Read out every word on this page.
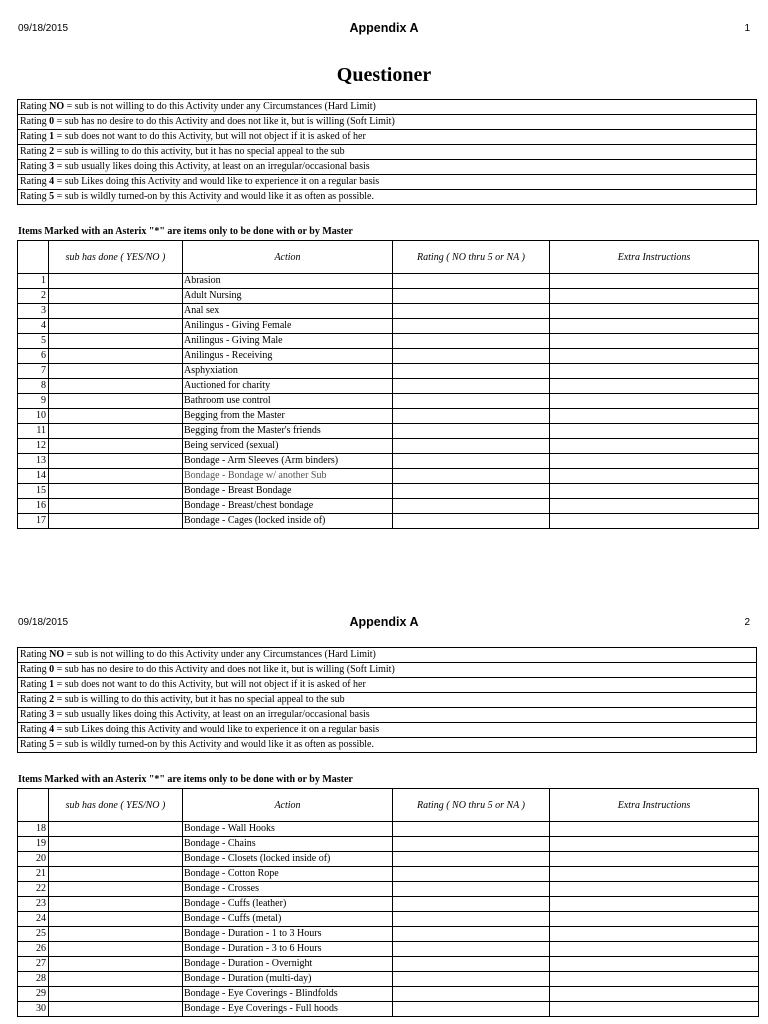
09/18/2015	Appendix A	1
Questioner
Rating NO = sub is not willing to do this Activity under any Circumstances (Hard Limit)
Rating 0 = sub has no desire to do this Activity and does not like it, but is willing (Soft Limit)
Rating 1 = sub does not want to do this Activity, but will not object if it is asked of her
Rating 2 = sub is willing to do this activity, but it has no special appeal to the sub
Rating 3 = sub usually likes doing this Activity, at least on an irregular/occasional basis
Rating 4 = sub Likes doing this Activity and would like to experience it on a regular basis
Rating 5 = sub is wildly turned-on by this Activity and would like it as often as possible.
Items Marked with an Asterix "*" are items only to be done with or by Master
	sub has done ( YES/NO )	Action	Rating ( NO thru 5 or NA )	Extra Instructions
1		Abrasion		
2		Adult Nursing		
3		Anal sex		
4		Anilingus - Giving Female		
5		Anilingus - Giving Male		
6		Anilingus - Receiving		
7		Asphyxiation		
8		Auctioned for charity		
9		Bathroom use control		
10		Begging from the Master		
11		Begging from the Master's friends		
12		Being serviced (sexual)		
13		Bondage - Arm Sleeves (Arm binders)		
14		Bondage - Bondage w/ another Sub		
15		Bondage - Breast Bondage		
16		Bondage - Breast/chest bondage		
17		Bondage - Cages (locked inside of)		
09/18/2015	Appendix A	2
Rating NO = sub is not willing to do this Activity under any Circumstances (Hard Limit)
Rating 0 = sub has no desire to do this Activity and does not like it, but is willing (Soft Limit)
Rating 1 = sub does not want to do this Activity, but will not object if it is asked of her
Rating 2 = sub is willing to do this activity, but it has no special appeal to the sub
Rating 3 = sub usually likes doing this Activity, at least on an irregular/occasional basis
Rating 4 = sub Likes doing this Activity and would like to experience it on a regular basis
Rating 5 = sub is wildly turned-on by this Activity and would like it as often as possible.
Items Marked with an Asterix "*" are items only to be done with or by Master
	sub has done ( YES/NO )	Action	Rating ( NO thru 5 or NA )	Extra Instructions
18		Bondage - Wall Hooks		
19		Bondage - Chains		
20		Bondage - Closets (locked inside of)		
21		Bondage - Cotton Rope		
22		Bondage - Crosses		
23		Bondage - Cuffs (leather)		
24		Bondage - Cuffs (metal)		
25		Bondage - Duration - 1 to 3 Hours		
26		Bondage - Duration - 3 to 6 Hours		
27		Bondage - Duration - Overnight		
28		Bondage - Duration (multi-day)		
29		Bondage - Eye Coverings - Blindfolds		
30		Bondage - Eye Coverings - Full hoods		
